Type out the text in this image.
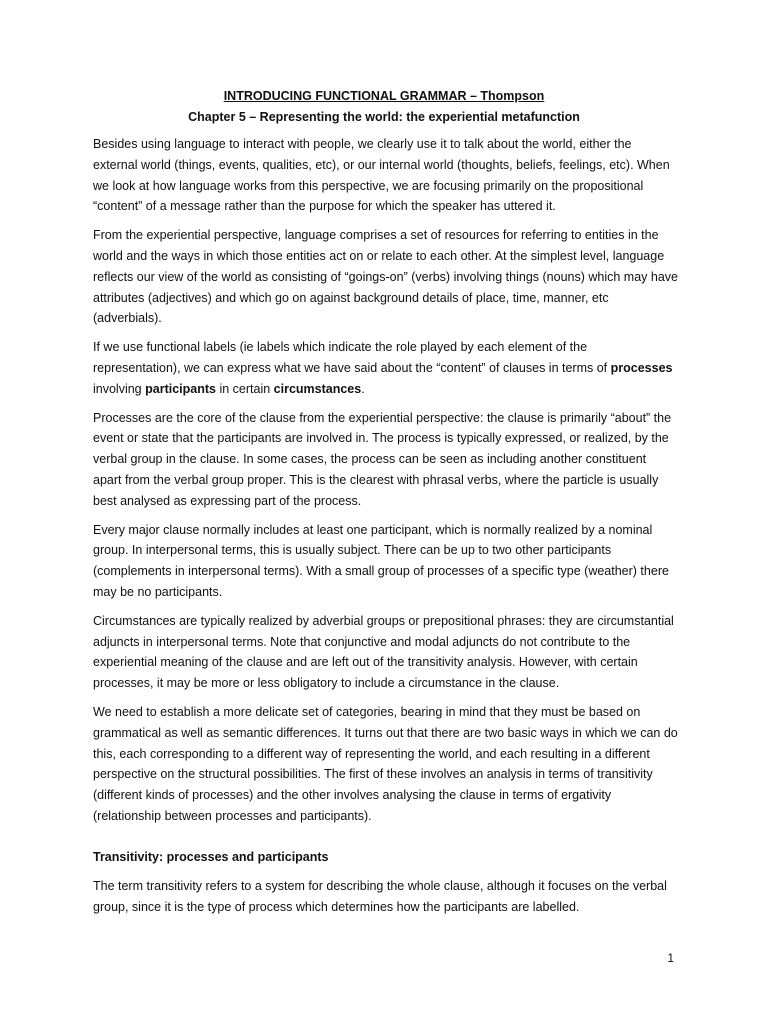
INTRODUCING FUNCTIONAL GRAMMAR – Thompson

Chapter 5 – Representing the world: the experiential metafunction

Besides using language to interact with people, we clearly use it to talk about the world, either the external world (things, events, qualities, etc), or our internal world (thoughts, beliefs, feelings, etc). When we look at how language works from this perspective, we are focusing primarily on the propositional “content” of a message rather than the purpose for which the speaker has uttered it.

From the experiential perspective, language comprises a set of resources for referring to entities in the world and the ways in which those entities act on or relate to each other. At the simplest level, language reflects our view of the world as consisting of “goings-on” (verbs) involving things (nouns) which may have attributes (adjectives) and which go on against background details of place, time, manner, etc (adverbials).

If we use functional labels (ie labels which indicate the role played by each element of the representation), we can express what we have said about the “content” of clauses in terms of processes involving participants in certain circumstances.

Processes are the core of the clause from the experiential perspective: the clause is primarily “about” the event or state that the participants are involved in. The process is typically expressed, or realized, by the verbal group in the clause. In some cases, the process can be seen as including another constituent apart from the verbal group proper. This is the clearest with phrasal verbs, where the particle is usually best analysed as expressing part of the process.

Every major clause normally includes at least one participant, which is normally realized by a nominal group. In interpersonal terms, this is usually subject. There can be up to two other participants (complements in interpersonal terms). With a small group of processes of a specific type (weather) there may be no participants.

Circumstances are typically realized by adverbial groups or prepositional phrases: they are circumstantial adjuncts in interpersonal terms. Note that conjunctive and modal adjuncts do not contribute to the experiential meaning of the clause and are left out of the transitivity analysis. However, with certain processes, it may be more or less obligatory to include a circumstance in the clause.

We need to establish a more delicate set of categories, bearing in mind that they must be based on grammatical as well as semantic differences. It turns out that there are two basic ways in which we can do this, each corresponding to a different way of representing the world, and each resulting in a different perspective on the structural possibilities. The first of these involves an analysis in terms of transitivity (different kinds of processes) and the other involves analysing the clause in terms of ergativity (relationship between processes and participants).

Transitivity: processes and participants

The term transitivity refers to a system for describing the whole clause, although it focuses on the verbal group, since it is the type of process which determines how the participants are labelled.

1
